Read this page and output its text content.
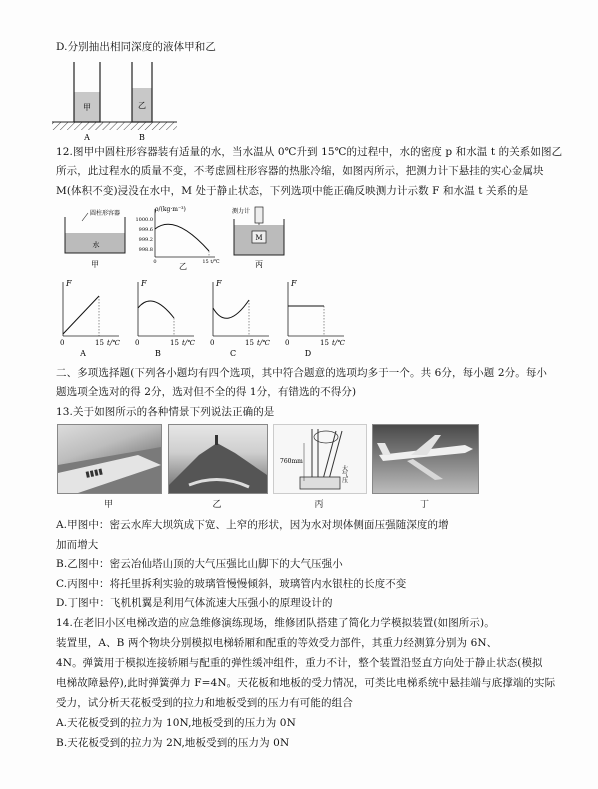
D.分别抽出相同深度的液体甲和乙
甲	乙
A	B
12.图甲中圆柱形容器装有适量的水，当水温从 0℃升到 15℃的过程中，水的密度 p 和水温 t 的关系如图乙
所示，此过程水的质量不变，不考虑圆柱形容器的热胀冷缩，如图丙所示，把测力计下悬挂的实心金属块
M(体积不变)浸没在水中，M 处于静止状态，下列选项中能正确反映测力计示数 F 和水温 t 关系的是
圆柱形容器
水
甲
ρ/(kg·m⁻³)
1000.0
999.6
999.2
998.8
0	15 t/℃
乙
测力计
M
丙
F
0	15 t/℃
A
F
0	15 t/℃
B
F
0	15 t/℃
C
F
0	15 t/℃
D
二、多项选择题(下列各小题均有四个选项，其中符合题意的选项均多于一个。共 6分，每小题 2分。每小
题选项全选对的得 2分，选对但不全的得 1分，有错选的不得分)
13.关于如图所示的各种情景下列说法正确的是
▮▮▮▮
760mm
大气压
甲	乙	丙	丁
A.甲图中：密云水库大坝筑成下宽、上窄的形状，因为水对坝体侧面压强随深度的增
加而增大
B.乙图中：密云冶仙塔山顶的大气压强比山脚下的大气压强小
C.丙图中：将托里拆利实验的玻璃管慢慢倾斜，玻璃管内水银柱的长度不变
D.丁图中：飞机机翼是利用气体流速大压强小的原理设计的
14.在老旧小区电梯改造的应急维修演练现场，维修团队搭建了简化力学模拟装置(如图所示)。
装置里，A、B 两个物块分别模拟电梯轿厢和配重的等效受力部件，其重力经测算分别为 6N、
4N。弹簧用于模拟连接轿厢与配重的弹性缓冲组件，重力不计，整个装置沿竖直方向处于静止状态(模拟
电梯故障悬停),此时弹簧弹力 F=4N。天花板和地板的受力情况，可类比电梯系统中悬挂端与底撑端的实际
受力，试分析天花板受到的拉力和地板受到的压力有可能的组合
A.天花板受到的拉力为 10N,地板受到的压力为 0N
B.天花板受到的拉力为 2N,地板受到的压力为 0N
